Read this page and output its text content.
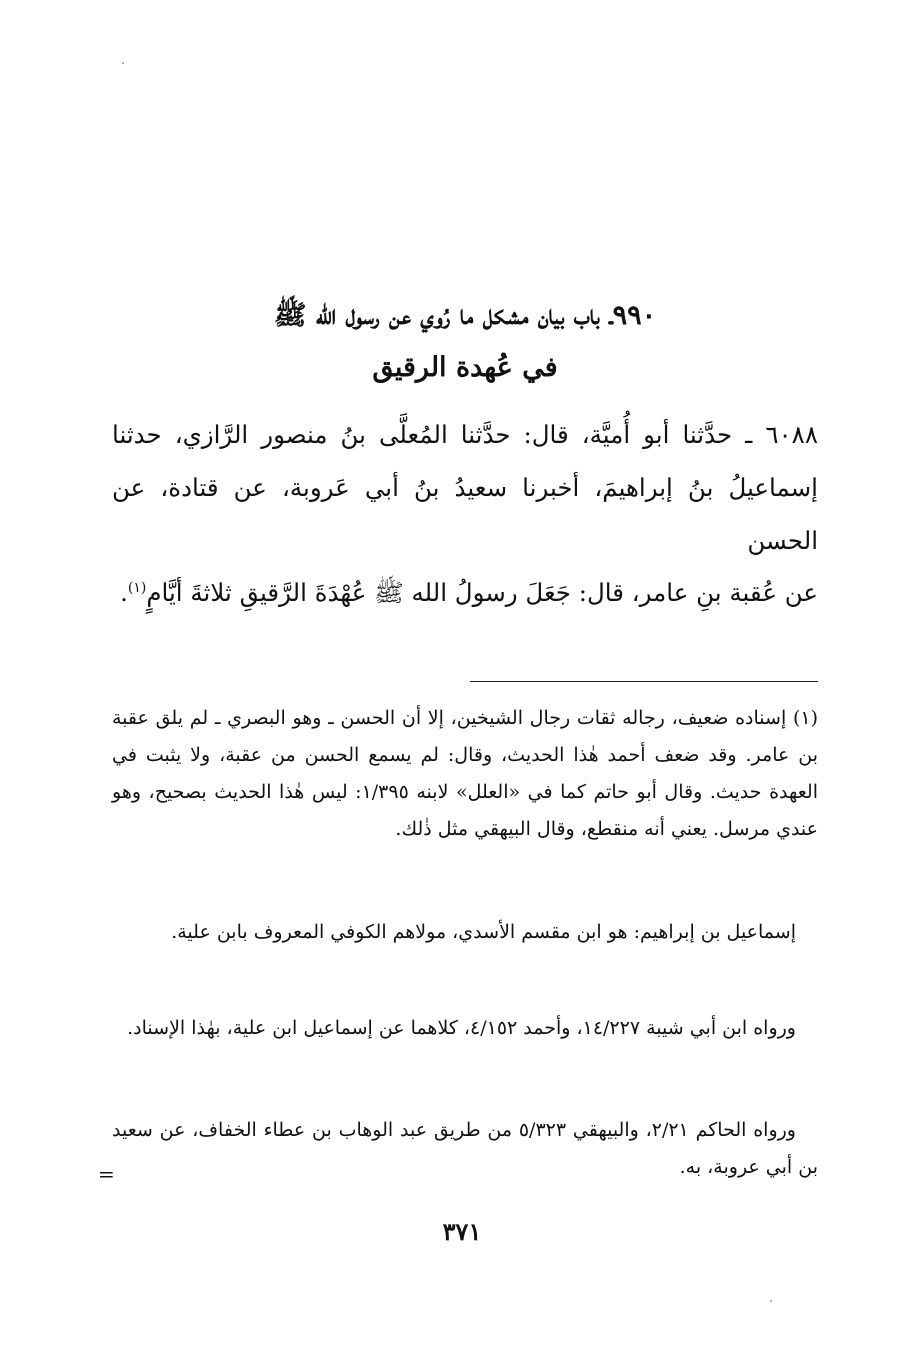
٩٩٠ـ باب بيان مشكل ما رُوي عن رسول الله ﷺ
في عُهدة الرقيق
٦٠٨٨ ـ حدَّثنا أبو أُميَّة، قال: حدَّثنا المُعلَّى بنُ منصور الرَّازي، حدثنا إسماعيلُ بنُ إبراهيمَ، أخبرنا سعيدُ بنُ أبي عَروبة، عن قتادة، عن الحسن
عن عُقبة بنِ عامر، قال: جَعَلَ رسولُ الله ﷺ عُهْدَةَ الرَّقيقِ ثلاثةَ أيَّامٍ$^{(١)}$.

(١) إسناده ضعيف، رجاله ثقات رجال الشيخين، إلا أن الحسن ـ وهو البصري ـ لم يلق عقبة بن عامر. وقد ضعف أحمد هٰذا الحديث، وقال: لم يسمع الحسن من عقبة، ولا يثبت في العهدة حديث. وقال أبو حاتم كما في «العلل» لابنه ١/٣٩٥: ليس هٰذا الحديث بصحيح، وهو عندي مرسل. يعني أنه منقطع، وقال البيهقي مثل ذٰلك.

إسماعيل بن إبراهيم: هو ابن مقسم الأسدي، مولاهم الكوفي المعروف بابن علية.

ورواه ابن أبي شيبة ١٤/٢٢٧، وأحمد ٤/١٥٢، كلاهما عن إسماعيل ابن علية، بهٰذا الإسناد.

ورواه الحاكم ٢/٢١، والبيهقي ٥/٣٢٣ من طريق عبد الوهاب بن عطاء الخفاف، عن سعيد بن أبي عروبة، به.

=
٣٧١
